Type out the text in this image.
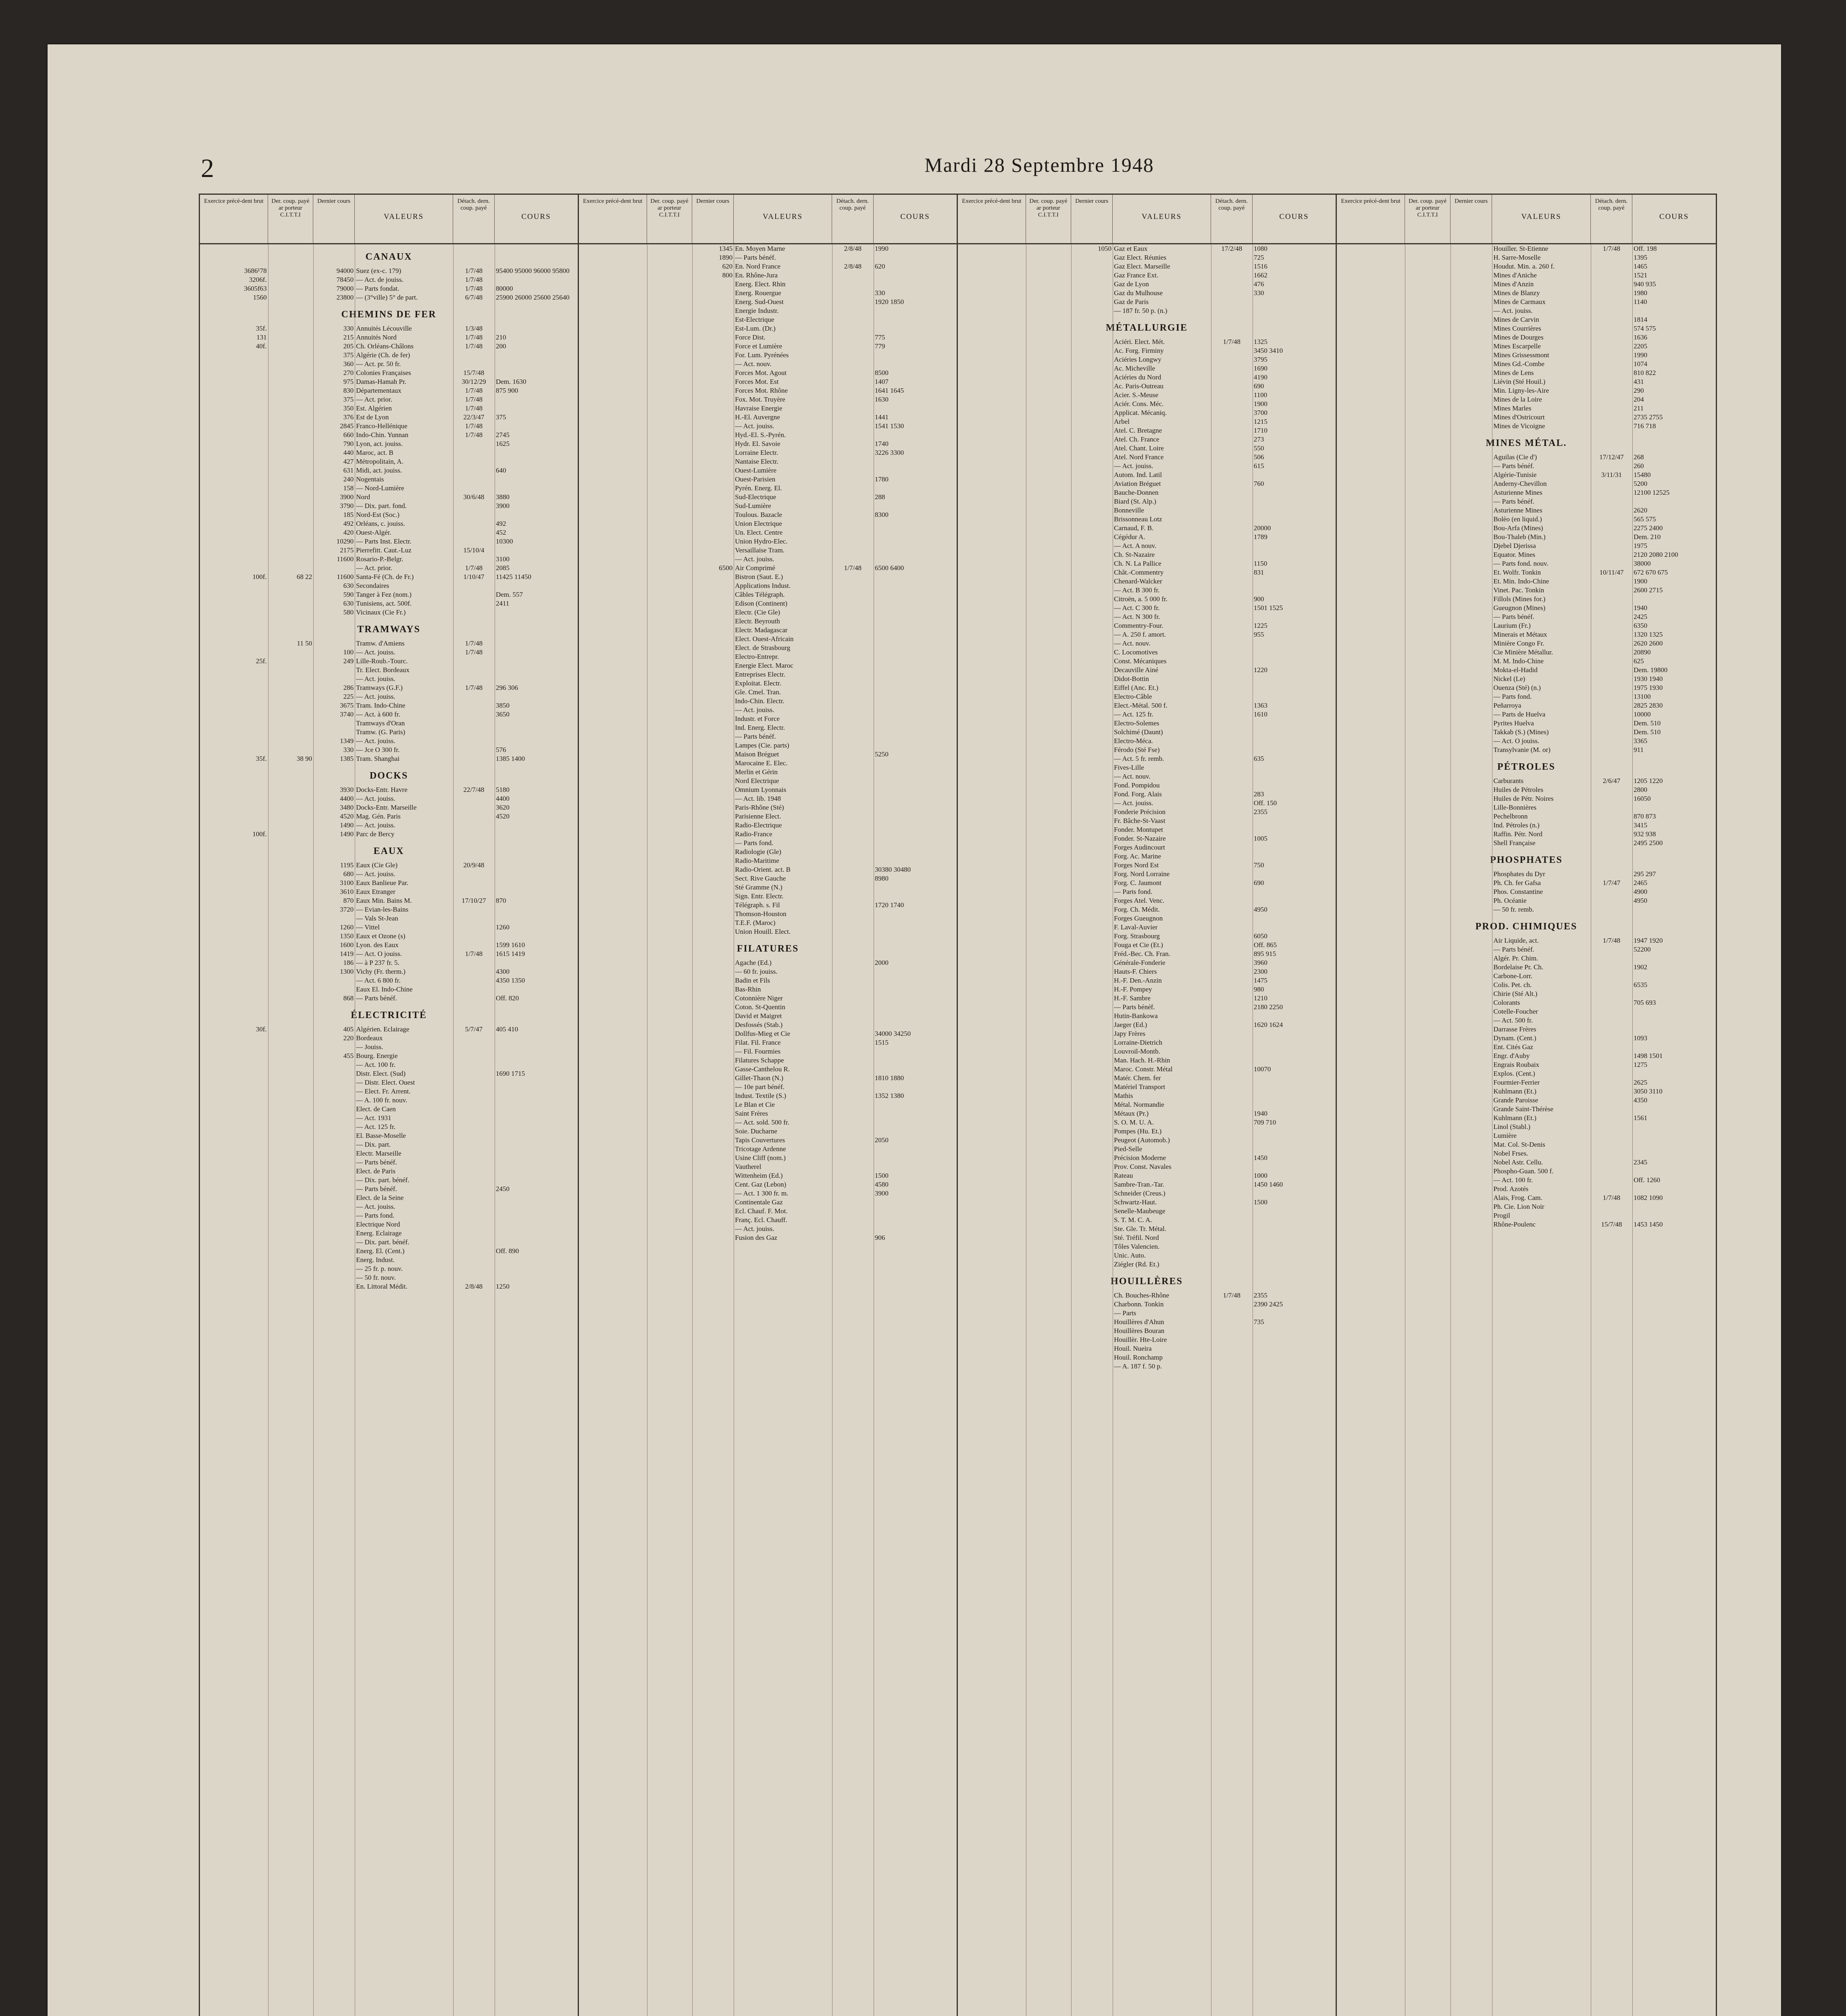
2	Mardi 28 Septembre 1948
Exercice précé-dent brut	Der. coup. payé ar porteur C.I.T.T.I
Dernier cours
VALEURS
Détach. dern. coup. payé
COURS
CANAUX
3686¹78	94000 Suez (ex-c. 179)	1/7/48	95400 95000 96000 95800
3206f.	78450 — Act. de jouiss.	1/7/48
3605f63	79000 — Parts fondat.	1/7/48	80000
1560	23800 — (3°ville) 5° de part.	6/7/48	25900 26000 25600 25640
CHEMINS DE FER
35f.	330 Annuités Lécouville	1/3/48
131	215 Annuités Nord	1/7/48	210
40f.	205 Ch. Orléans-Châlons	1/7/48	200
375 Algérie (Ch. de fer)
360 — Act. pr. 50 fr.
270 Colonies Françaises	15/7/48
975 Damas-Hamah Pr.	30/12/29	Dem. 1630
830 Départementaux	1/7/48	875 900
375 — Act. prior.	1/7/48
350 Est. Algérien	1/7/48
376 Est de Lyon	22/3/47	375
2845 Franco-Hellénique	1/7/48
660 Indo-Chin. Yunnan	1/7/48	2745
790 Lyon, act. jouiss.	1625
440 Maroc, act. B
427 Métropolitain, A.
631 Midi, act. jouiss.	640
240 Nogentais
158 — Nord-Lumière
3900 Nord	30/6/48	3880
3790 — Dix. part. fond.	3900
185 Nord-Est (Soc.)
492 Orléans, c. jouiss.	492
420 Ouest-Algér.	452
10290 — Parts Inst. Electr.	10300
2175 Pierrefitt. Caut.-Luz	15/10/4
11600 Rosario-P.-Belgr.	3100
— Act. prior.	1/7/48	2085
100f.	68 22	11600 Santa-Fé (Ch. de Fr.)	1/10/47	11425 11450
630 Secondaires
590 Tanger à Fez (nom.)	Dem. 557
630 Tunisiens, act. 500f.	2411
580 Vicinaux (Cie Fr.)
TRAMWAYS
11 50	Tramw. d'Amiens	1/7/48
100 — Act. jouiss.	1/7/48
25f.	249 Lille-Roub.-Tourc.
Tr. Elect. Bordeaux
— Act. jouiss.
286 Tramways (G.F.)	1/7/48	296 306
225 — Act. jouiss.
3675 Tram. Indo-Chine	3850
3740 — Act. à 600 fr.	3650
Tramways d'Oran
Tramw. (G. Paris)
1349 — Act. jouiss.
330 — Jce O 300 fr.	576
35f.	38 90	1385 Tram. Shanghai	1385 1400
DOCKS
3930 Docks-Entr. Havre	22/7/48	5180
4400 — Act. jouiss.	4400
3480 Docks-Entr. Marseille	3620
4520 Mag. Gén. Paris	4520
1490 — Act. jouiss.
100f.	1490 Parc de Bercy
EAUX
1195 Eaux (Cie Gle)	20/9/48
680 — Act. jouiss.
3100 Eaux Banlieue Par.
3610 Eaux Etranger
870 Eaux Min. Bains M.	17/10/27	870
3720 — Evian-les-Bains
— Vals St-Jean
1260 — Vittel	1260
1350 Eaux et Ozone (s)
1600 Lyon. des Eaux	1599 1610
1419 — Act. O jouiss.	1/7/48	1615 1419
186 — à P 237 fr. 5.
1300 Vichy (Fr. therm.)	4300
— Act. 6 800 fr.	4350 1350
Eaux El. Indo-Chine
868 — Parts bénéf.	Off. 820
ÉLECTRICITÉ
30f.	405 Algérien. Eclairage	5/7/47	405 410
220 Bordeaux
— Jouiss.
455 Bourg. Energie
— Act. 100 fr.
Distr. Elect. (Sud)	1690 1715
— Distr. Elect. Ouest
— Elect. Fr. Arrent.
— A. 100 fr. nouv.
Elect. de Caen
— Act. 1931
— Act. 125 fr.
El. Basse-Moselle
— Dix. part.
Electr. Marseille
— Parts bénéf.
Elect. de Paris
— Dix. part. bénéf.
— Parts bénéf.	2450
Elect. de la Seine
— Act. jouiss.
— Parts fond.
Electrique Nord
Energ. Eclairage
— Dix. part. bénéf.
Energ. El. (Cent.)	Off. 890
Energ. Indust.
— 25 fr. p. nouv.
— 50 fr. nouv.
En. Littoral Médit.	2/8/48	1250
Exercice précé-dent brut	Der. coup. payé ar porteur C.I.T.T.I
Dernier cours
VALEURS
Détach. dern. coup. payé
COURS
1345 En. Moyen Marne	2/8/48	1990
1890 — Parts bénéf.
620 En. Nord France	2/8/48	620
800 En. Rhône-Jura
Energ. Elect. Rhin
Energ. Rouergue	330
Energ. Sud-Ouest	1920 1850
Energie Industr.
Est-Electrique
Est-Lum. (Dr.)
Force Dist.	775
Force et Lumière	779
For. Lum. Pyrénées
— Act. nouv.
Forces Mot. Agout	8500
Forces Mot. Est	1407
Forces Mot. Rhône	1641 1645
Fox. Mot. Truyère	1630
Havraise Energie
H.-El. Auvergne	1441
— Act. jouiss.	1541 1530
Hyd.-El. S.-Pyrén.
Hydr. El. Savoie	1740
Lorraine Electr.	3226 3300
Nantaise Electr.
Ouest-Lumière
Ouest-Parisien	1780
Pyrén. Energ. El.
Sud-Electrique	288
Sud-Lumière
Toulous. Bazacle	8300
Union Electrique
Un. Elect. Centre
Union Hydro-Elec.
Versaillaise Tram.
— Act. jouiss.
6500 Air Comprimé	1/7/48	6500 6400
Bistron (Saut. E.)
Applications Indust.
Câbles Télégraph.
Edison (Continent)
Electr. (Cie Gle)
Electr. Beyrouth
Electr. Madagascar
Elect. Ouest-Africain
Elect. de Strasbourg
Electro-Entrepr.
Energie Elect. Maroc
Entreprises Electr.
Exploitat. Electr.
Gle. Cmel. Tran.
Indo-Chin. Electr.
— Act. jouiss.
Industr. et Force
Ind. Energ. Electr.
— Parts bénéf.
Lampes (Cie. parts)
Maison Bréguet	5250
Marocaine E. Elec.
Merlin et Gérin
Nord Electrique
Omnium Lyonnais
— Act. lib. 1948
Paris-Rhône (Sté)
Parisienne Elect.
Radio-Electrique
Radio-France
— Parts fond.
Radiologie (Gle)
Radio-Maritime
Radio-Orient. act. B	30380 30480
Sect. Rive Gauche	8980
Sté Gramme (N.)
Sign. Entr. Electr.
Télégraph. s. Fil	1720 1740
Thomson-Houston
T.E.F. (Maroc)
Union Houill. Elect.
FILATURES
Agache (Ed.)	2000
— 60 fr. jouiss.
Badin et Fils
Bas-Rhin
Cotonnière Niger
Coton. St-Quentin
David et Maigret
Desfossés (Stab.)
Dollfus-Mieg et Cie	34000 34250
Filat. Fil. France	1515
— Fil. Fourmies
Filatures Schappe
Gasse-Canthelou R.
Gillet-Thaon (N.)	1810 1880
— 10e part bénéf.
Indust. Textile (S.)	1352 1380
Le Blan et Cie
Saint Frères
— Act. sold. 500 fr.
Soie. Ducharne
Tapis Couvertures	2050
Tricotage Ardenne
Usine Cliff (nom.)
Vautherel
Wittenheim (Ed.)	1500
Cent. Gaz (Lebon)	4580
— Act. 1 300 fr. m.	3900
Continentale Gaz
Ecl. Chauf. F. Mot.
Franç. Ecl. Chauff.
— Act. jouiss.
Fusion des Gaz	906
Exercice précé-dent brut	Der. coup. payé ar porteur C.I.T.T.I
Dernier cours
VALEURS
Détach. dern. coup. payé
COURS
1050 Gaz et Eaux	17/2/48	1080
Gaz Elect. Réunies	725
Gaz Elect. Marseille	1516
Gaz France Ext.	1662
Gaz de Lyon	476
Gaz du Mulhouse	330
Gaz de Paris
— 187 fr. 50 p. (n.)
MÉTALLURGIE
Aciéri. Elect. Mét.	1/7/48	1325
Ac. Forg. Firminy	3450 3410
Aciéries Longwy	3795
Ac. Micheville	1690
Aciéries du Nord	4190
Ac. Paris-Outreau	690
Acier. S.-Meuse	1100
Aciér. Cons. Méc.	1900
Applicat. Mécaniq.	3700
Arbel	1215
Atel. C. Bretagne	1710
Atel. Ch. France	273
Atel. Chant. Loire	550
Atel. Nord France	506
— Act. jouiss.	615
Autom. Ind. Latil
Aviation Bréguet	760
Bauche-Donnen
Biard (St. Alp.)
Bonneville
Brissonneau Lotz
Carnaud, F. B.	20000
Cégédur A.	1789
— Act. A nouv.
Ch. St-Nazaire
Ch. N. La Pallice	1150
Chât.-Commentry	831
Chenard-Walcker
— Act. B 300 fr.
Citroën, a. 5 000 fr.	900
— Act. C 300 fr.	1501 1525
— Act. N 300 fr.
Commentry-Four.	1225
— A. 250 f. amort.	955
— Act. nouv.
C. Locomotives
Const. Mécaniques
Decauville Ainé	1220
Didot-Bottin
Eiffel (Anc. Et.)
Electro-Câble
Elect.-Métal. 500 f.	1363
— Act. 125 fr.	1610
Electro-Solemes
Solchimé (Daunt)
Electro-Méca.
Férodo (Sté Fse)
— Act. 5 fr. remb.	635
Fives-Lille
— Act. nouv.
Fond. Pompidou
Fond. Forg. Alais	283
— Act. jouiss.	Off. 150
Fonderie Précision	2355
Fr. Bâche-St-Vaast
Fonder. Montupet
Fonder. St-Nazaire	1005
Forges Audincourt
Forg. Ac. Marine
Forges Nord Est	750
Forg. Nord Lorraine
Forg. C. Jaumont	690
— Parts fond.
Forges Atel. Venc.
Forg. Ch. Médit.	4950
Forges Gueugnon
F. Laval-Auvier
Forg. Strasbourg	6050
Fouga et Cie (Et.)	Off. 865
Fréd.-Bec. Ch. Fran.	895 915
Générale-Fonderie	3960
Hauts-F. Chiers	2300
H.-F. Den.-Anzin	1475
H.-F. Pompey	980
H.-F. Sambre	1210
— Parts bénéf.	2180 2250
Hutin-Bankowa
Jaeger (Ed.)	1620 1624
Japy Frères
Lorraine-Dietrich
Louvroil-Montb.
Man. Hach. H.-Rhin
Maroc. Constr. Métal	10070
Matér. Chem. fer
Matériel Transport
Mathis
Métal. Normandie
Métaux (Pr.)	1940
S. O. M. U. A.	709 710
Pompes (Hu. Et.)
Peugeot (Automob.)
Pied-Selle
Précision Moderne	1450
Prov. Const. Navales
Rateau	1000
Sambre-Tran.-Tar.	1450 1460
Schneider (Creus.)
Schwartz-Haut.	1500
Senelle-Maubeuge
S. T. M. C. A.
Ste. Gle. Tr. Métal.
Sté. Tréfil. Nord
Tôles Valencien.
Unic. Auto.
Ziégler (Rd. Et.)
HOUILLÈRES
Ch. Bouches-Rhône	1/7/48	2355
Charbonn. Tonkin	2390 2425
— Parts
Houillères d'Ahun	735
Houillères Bouran
Houillèr. Hte-Loire
Houil. Nueira
Houil. Ronchamp
— A. 187 f. 50 p.
Exercice précé-dent brut	Der. coup. payé ar porteur C.I.T.T.I
Dernier cours
VALEURS
Détach. dern. coup. payé
COURS
Houiller. St-Etienne	1/7/48	Off. 198
H. Sarre-Moselle	1395
Houdut. Min. a. 260 f.	1465
Mines d'Aniche	1521
Mines d'Anzin	940 935
Mines de Blanzy	1980
Mines de Carmaux	1140
— Act. jouiss.
Mines de Carvin	1814
Mines Courrières	574 575
Mines de Dourges	1636
Mines Escarpelle	2205
Mines Grissessmont	1990
Mines Gd.-Combe	1074
Mines de Lens	810 822
Liévin (Sté Houil.)	431
Min. Ligny-les-Aire	290
Mines de la Loire	204
Mines Marles	211
Mines d'Ostricourt	2735 2755
Mines de Vicoigne	716 718
MINES MÉTAL.
Aguilas (Cie d')	17/12/47	268
— Parts bénéf.	260
Algérie-Tunisie	3/11/31	15480
Anderny-Chevillon	5200
Asturienne Mines	12100 12525
— Parts bénéf.
Asturienne Mines	2620
Bolèo (en liquid.)	565 575
Bou-Arfa (Mines)	2275 2400
Bou-Thaleb (Min.)	Dem. 210
Djebel Djerissa	1975
Equator. Mines	2120 2080 2100
— Parts fond. nouv.	38000
Et. Wolfr. Tonkin	10/11/47	672 670 675
Et. Min. Indo-Chine	1900
Vinet. Pac. Tonkin	2600 2715
Fillols (Mines for.)
Gueugnon (Mines)	1940
— Parts bénéf.	2425
Laurium (Fr.)	6350
Minerais et Métaux	1320 1325
Minière Congo Fr.	2620 2600
Cie Minière Métallur.	20890
M. M. Indo-Chine	625
Mokta-el-Hadid	Dem. 19800
Nickel (Le)	1930 1940
Ouenza (Sté) (n.)	1975 1930
— Parts fond.	13100
Peñarroya	2825 2830
— Parts de Huelva	10000
Pyrites Huelva	Dem. 510
Takkab (S.) (Mines)	Dem. 510
— Act. O jouiss.	3365
Transylvanie (M. or)	911
PÉTROLES
Carburants	2/6/47	1205 1220
Huiles de Pétroles	2800
Huiles de Pétr. Noires	16050
Lille-Bonnières
Pechelbronn	870 873
Ind. Pétroles (n.)	3415
Raffin. Pétr. Nord	932 938
Shell Française	2495 2500
PHOSPHATES
Phosphates du Dyr	295 297
Ph. Ch. fer Gafsa	1/7/47	2465
Phos. Constantine	4900
Ph. Océanie	4950
— 50 fr. remb.
PROD. CHIMIQUES
Air Liquide, act.	1/7/48	1947 1920
— Parts bénéf.	52200
Algér. Pr. Chim.
Bordelaise Pr. Ch.	1902
Carbone-Lorr.
Colis. Pet. ch.	6535
Chirie (Sté Alt.)
Colorants	705 693
Cotelle-Foucher
— Act. 500 fr.
Darrasse Frères
Dynam. (Cent.)	1093
Ent. Cités Gaz
Engr. d'Auby	1498 1501
Engrais Roubaix	1275
Explos. (Cent.)
Fourmier-Ferrier	2625
Kuhlmann (Et.)	3050 3110
Grande Paroisse	4350
Grande Saint-Thérèse
Kuhlmann (Et.)	1561
Linol (Stabl.)
Lumière
Mat. Col. St-Denis
Nobel Frses.
Nobel Astr. Cellu.	2345
Phospho-Guan. 500 f.
— Act. 100 fr.	Off. 1260
Prod. Azotés
Alais, Frog. Cam.	1/7/48	1082 1090
Ph. Cie. Lion Noir
Progil
Rhône-Poulenc	15/7/48	1453 1450
